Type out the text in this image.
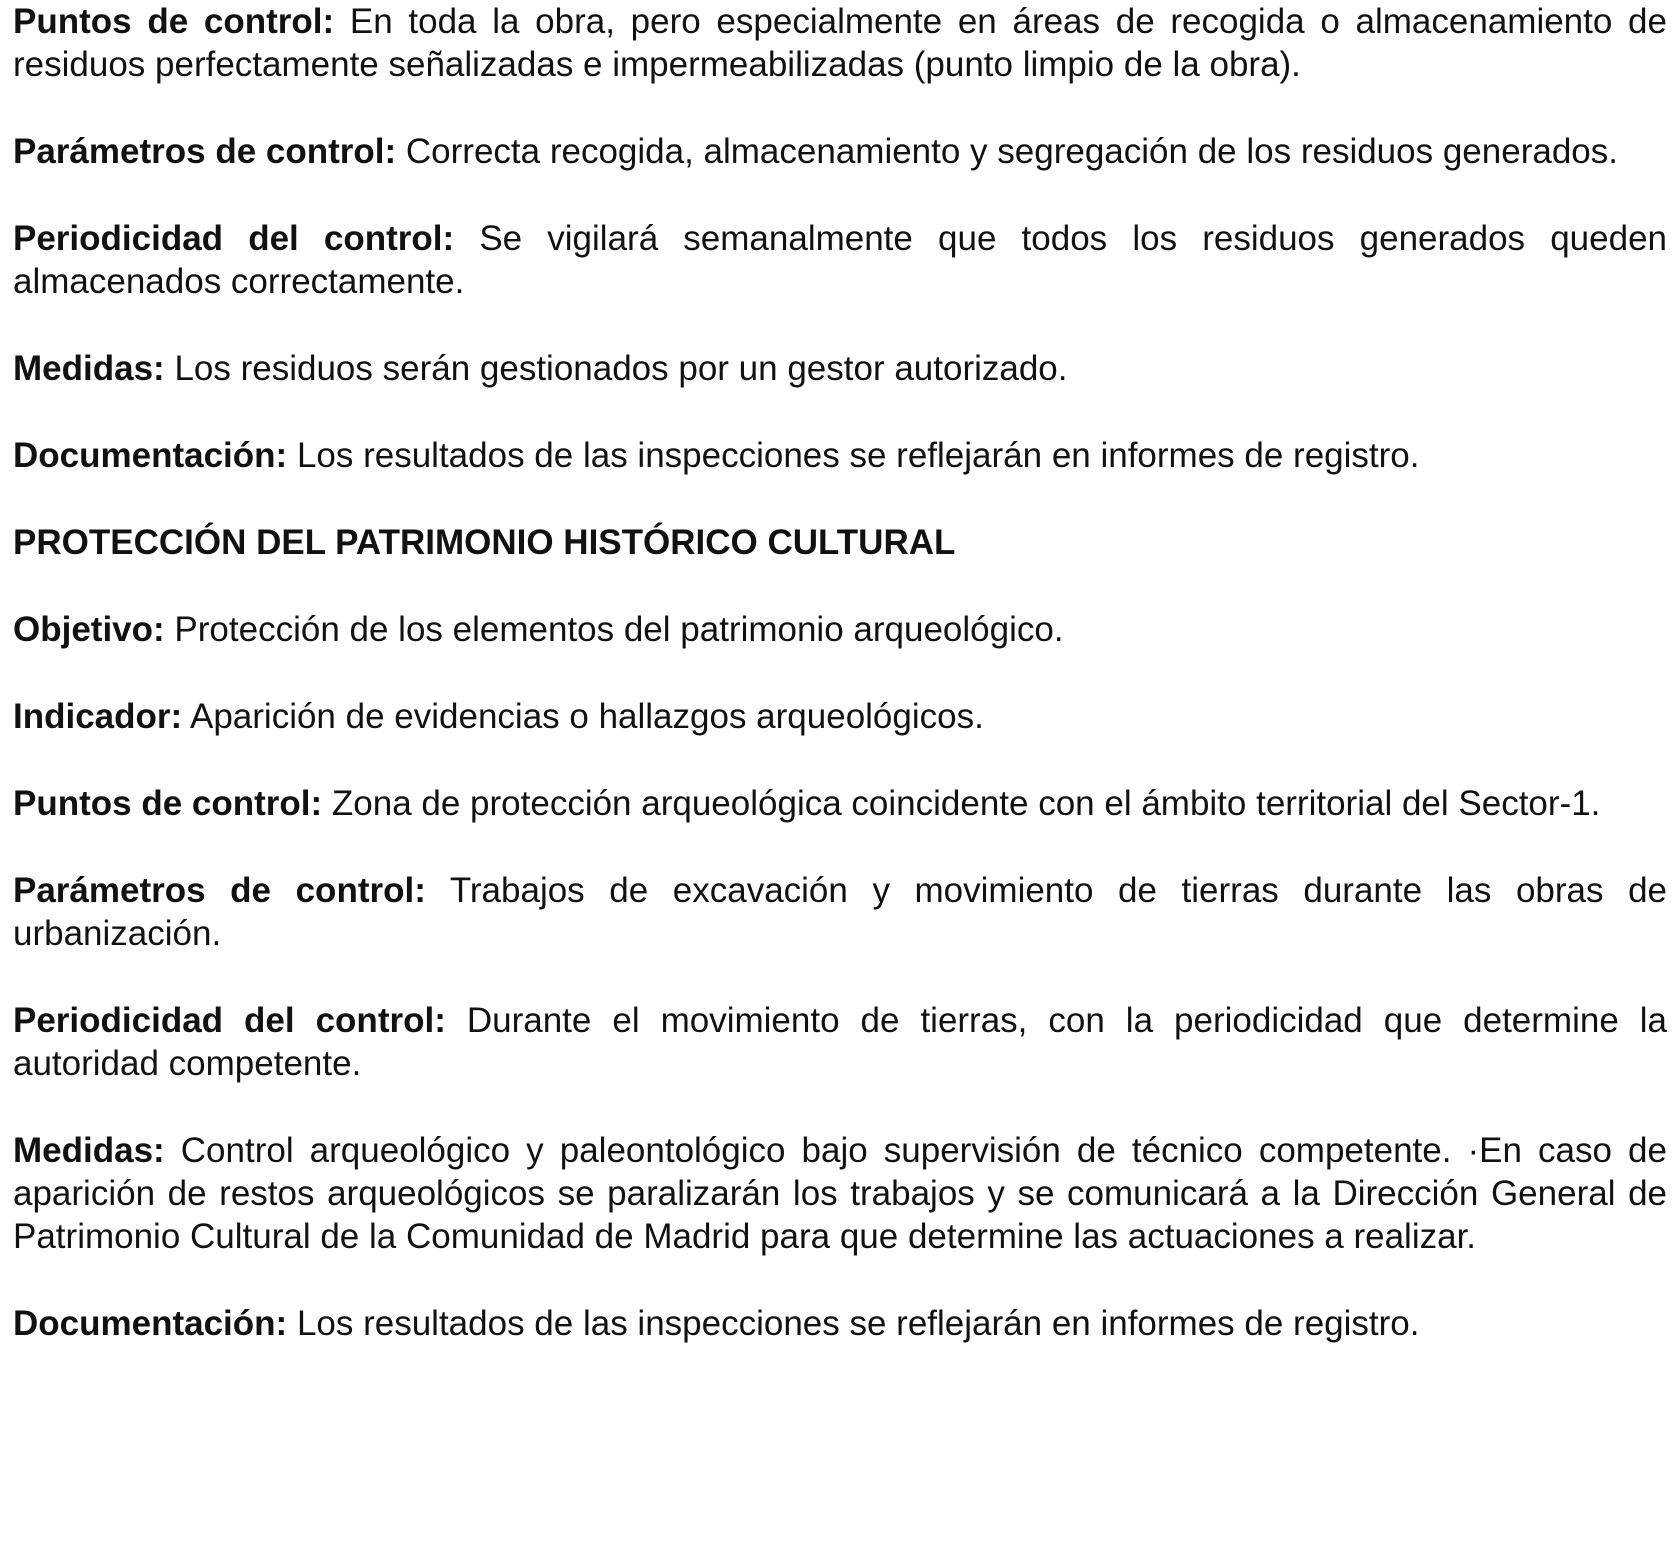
Puntos de control: En toda la obra, pero especialmente en áreas de recogida o almacenamiento de residuos perfectamente señalizadas e impermeabilizadas (punto limpio de la obra).

Parámetros de control: Correcta recogida, almacenamiento y segregación de los residuos generados.

Periodicidad del control: Se vigilará semanalmente que todos los residuos generados queden almacenados correctamente.

Medidas: Los residuos serán gestionados por un gestor autorizado.

Documentación: Los resultados de las inspecciones se reflejarán en informes de registro.

PROTECCIÓN DEL PATRIMONIO HISTÓRICO CULTURAL

Objetivo: Protección de los elementos del patrimonio arqueológico.

Indicador: Aparición de evidencias o hallazgos arqueológicos.

Puntos de control: Zona de protección arqueológica coincidente con el ámbito territorial del Sector-1.

Parámetros de control: Trabajos de excavación y movimiento de tierras durante las obras de urbanización.

Periodicidad del control: Durante el movimiento de tierras, con la periodicidad que determine la autoridad competente.

Medidas: Control arqueológico y paleontológico bajo supervisión de técnico competente. ·En caso de aparición de restos arqueológicos se paralizarán los trabajos y se comunicará a la Dirección General de Patrimonio Cultural de la Comunidad de Madrid para que determine las actuaciones a realizar.

Documentación: Los resultados de las inspecciones se reflejarán en informes de registro.
